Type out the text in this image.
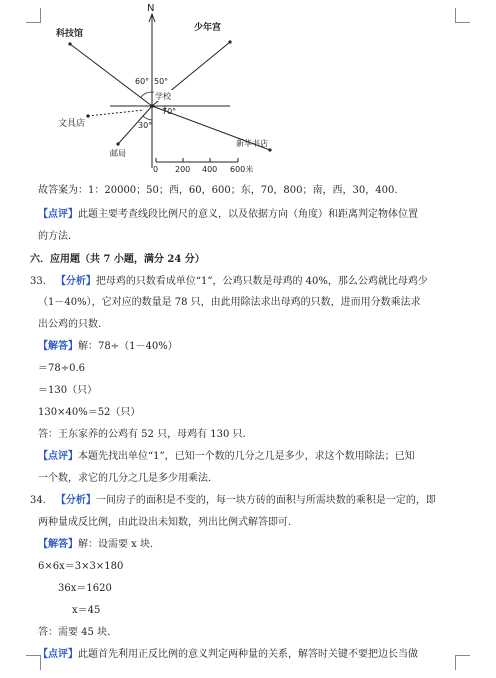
N
60° 50°
70°
30°
学校
科技馆
少年宫
文具店
邮局
新华书店
0 200 400 600米
故答案为：1：20000；50；西，60，600；东，70，800；南，西，30，400．
【点评】此题主要考查线段比例尺的意义，以及依据方向（角度）和距离判定物体位置
的方法．
六．应用题（共 7 小题，满分 24 分）
33． 【分析】把母鸡的只数看成单位“1”，公鸡只数是母鸡的 40%，那么公鸡就比母鸡少
（1－40%），它对应的数量是 78 只，由此用除法求出母鸡的只数，进而用分数乘法求
出公鸡的只数．
【解答】解：78÷（1－40%）
＝78÷0.6
＝130（只）
130×40%＝52（只）
答：王东家养的公鸡有 52 只，母鸡有 130 只．
【点评】本题先找出单位“1”，已知一个数的几分之几是多少，求这个数用除法；已知
一个数，求它的几分之几是多少用乘法．
34． 【分析】一间房子的面积是不变的，每一块方砖的面积与所需块数的乘积是一定的，即
两种量成反比例，由此设出未知数，列出比例式解答即可．
【解答】解：设需要 x 块．
6×6x＝3×3×180
36x＝1620
x＝45
答：需要 45 块．
【点评】此题首先利用正反比例的意义判定两种量的关系，解答时关键不要把边长当做
